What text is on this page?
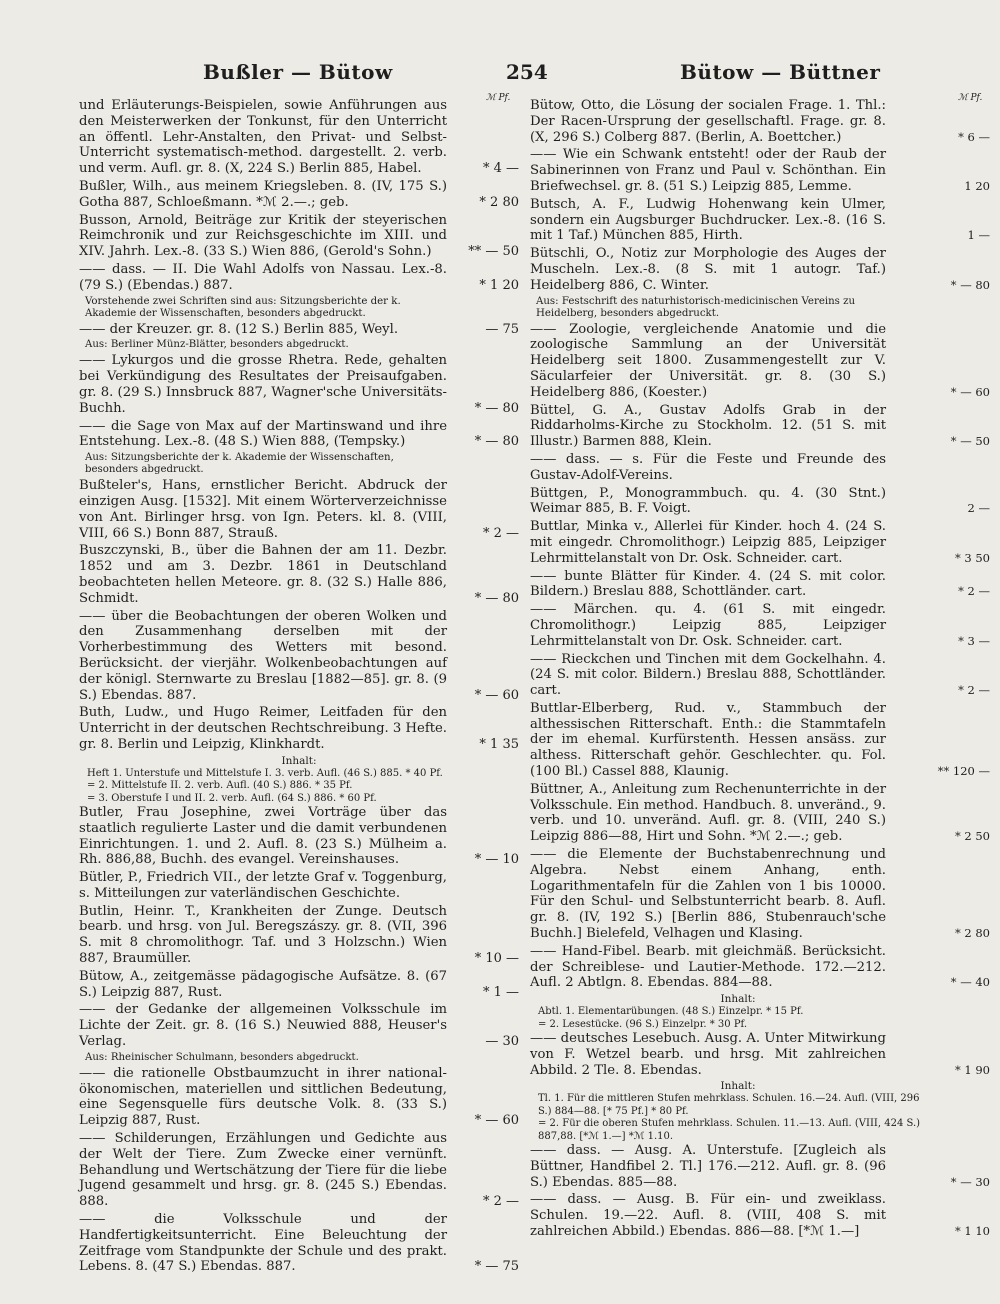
Bußler — Bütow	254	Bütow — Büttner
ℳ Pf.	ℳ Pf.
und Erläuterungs-Beispielen, sowie Anführungen aus den Meisterwerken der Tonkunst, für den Unterricht an öffentl. Lehr-Anstalten, den Privat- und Selbst-Unterricht systematisch-method. dargestellt. 2. verb. und verm. Aufl. gr. 8. (X, 224 S.) Berlin 885, Habel.	* 4 —
Bußler, Wilh., aus meinem Kriegsleben. 8. (IV, 175 S.) Gotha 887, Schloeßmann. *ℳ 2.—.; geb.	* 2 80
Busson, Arnold, Beiträge zur Kritik der steyerischen Reimchronik und zur Reichsgeschichte im XIII. und XIV. Jahrh. Lex.-8. (33 S.) Wien 886, (Gerold's Sohn.)	** — 50
—— dass. — II. Die Wahl Adolfs von Nassau. Lex.-8. (79 S.) (Ebendas.) 887.	* 1 20
Vorstehende zwei Schriften sind aus: Sitzungsberichte der k. Akademie der Wissenschaften, besonders abgedruckt.
—— der Kreuzer. gr. 8. (12 S.) Berlin 885, Weyl.	— 75
Aus: Berliner Münz-Blätter, besonders abgedruckt.
—— Lykurgos und die grosse Rhetra. Rede, gehalten bei Verkündigung des Resultates der Preisaufgaben. gr. 8. (29 S.) Innsbruck 887, Wagner'sche Universitäts-Buchh.	* — 80
—— die Sage von Max auf der Martinswand und ihre Entstehung. Lex.-8. (48 S.) Wien 888, (Tempsky.)	* — 80
Aus: Sitzungsberichte der k. Akademie der Wissenschaften, besonders abgedruckt.
Bußteler's, Hans, ernstlicher Bericht. Abdruck der einzigen Ausg. [1532]. Mit einem Wörterverzeichnisse von Ant. Birlinger hrsg. von Ign. Peters. kl. 8. (VIII, VIII, 66 S.) Bonn 887, Strauß.	* 2 —
Buszczynski, B., über die Bahnen der am 11. Dezbr. 1852 und am 3. Dezbr. 1861 in Deutschland beobachteten hellen Meteore. gr. 8. (32 S.) Halle 886, Schmidt.	* — 80
—— über die Beobachtungen der oberen Wolken und den Zusammenhang derselben mit der Vorherbestimmung des Wetters mit besond. Berücksicht. der vierjähr. Wolkenbeobachtungen auf der königl. Sternwarte zu Breslau [1882—85]. gr. 8. (9 S.) Ebendas. 887.	* — 60
Buth, Ludw., und Hugo Reimer, Leitfaden für den Unterricht in der deutschen Rechtschreibung. 3 Hefte. gr. 8. Berlin und Leipzig, Klinkhardt.	* 1 35
Inhalt:
Heft 1. Unterstufe und Mittelstufe I. 3. verb. Aufl. (46 S.) 885. * 40 Pf.
= 2. Mittelstufe II. 2. verb. Aufl. (40 S.) 886. * 35 Pf.
= 3. Oberstufe I und II. 2. verb. Aufl. (64 S.) 886. * 60 Pf.
Butler, Frau Josephine, zwei Vorträge über das staatlich regulierte Laster und die damit verbundenen Einrichtungen. 1. und 2. Aufl. 8. (23 S.) Mülheim a. Rh. 886,88, Buchh. des evangel. Vereinshauses.	* — 10
Bütler, P., Friedrich VII., der letzte Graf v. Toggenburg, s. Mitteilungen zur vaterländischen Geschichte.
Butlin, Heinr. T., Krankheiten der Zunge. Deutsch bearb. und hrsg. von Jul. Beregszászy. gr. 8. (VII, 396 S. mit 8 chromolithogr. Taf. und 3 Holzschn.) Wien 887, Braumüller.	* 10 —
Bütow, A., zeitgemässe pädagogische Aufsätze. 8. (67 S.) Leipzig 887, Rust.	* 1 —
—— der Gedanke der allgemeinen Volksschule im Lichte der Zeit. gr. 8. (16 S.) Neuwied 888, Heuser's Verlag.	— 30
Aus: Rheinischer Schulmann, besonders abgedruckt.
—— die rationelle Obstbaumzucht in ihrer national-ökonomischen, materiellen und sittlichen Bedeutung, eine Segensquelle fürs deutsche Volk. 8. (33 S.) Leipzig 887, Rust.	* — 60
—— Schilderungen, Erzählungen und Gedichte aus der Welt der Tiere. Zum Zwecke einer vernünft. Behandlung und Wertschätzung der Tiere für die liebe Jugend gesammelt und hrsg. gr. 8. (245 S.) Ebendas. 888.	* 2 —
—— die Volksschule und der Handfertigkeitsunterricht. Eine Beleuchtung der Zeitfrage vom Standpunkte der Schule und des prakt. Lebens. 8. (47 S.) Ebendas. 887.	* — 75
Bütow, Otto, die Lösung der socialen Frage. 1. Thl.: Der Racen-Ursprung der gesellschaftl. Frage. gr. 8. (X, 296 S.) Colberg 887. (Berlin, A. Boettcher.)	* 6 —
—— Wie ein Schwank entsteht! oder der Raub der Sabinerinnen von Franz und Paul v. Schönthan. Ein Briefwechsel. gr. 8. (51 S.) Leipzig 885, Lemme.	1 20
Butsch, A. F., Ludwig Hohenwang kein Ulmer, sondern ein Augsburger Buchdrucker. Lex.-8. (16 S. mit 1 Taf.) München 885, Hirth.	1 —
Bütschli, O., Notiz zur Morphologie des Auges der Muscheln. Lex.-8. (8 S. mit 1 autogr. Taf.) Heidelberg 886, C. Winter.	* — 80
Aus: Festschrift des naturhistorisch-medicinischen Vereins zu Heidelberg, besonders abgedruckt.
—— Zoologie, vergleichende Anatomie und die zoologische Sammlung an der Universität Heidelberg seit 1800. Zusammengestellt zur V. Säcularfeier der Universität. gr. 8. (30 S.) Heidelberg 886, (Koester.)	* — 60
Büttel, G. A., Gustav Adolfs Grab in der Riddarholms-Kirche zu Stockholm. 12. (51 S. mit Illustr.) Barmen 888, Klein.	* — 50
—— dass. — s. Für die Feste und Freunde des Gustav-Adolf-Vereins.
Büttgen, P., Monogrammbuch. qu. 4. (30 Stnt.) Weimar 885, B. F. Voigt.	2 —
Buttlar, Minka v., Allerlei für Kinder. hoch 4. (24 S. mit eingedr. Chromolithogr.) Leipzig 885, Leipziger Lehrmittelanstalt von Dr. Osk. Schneider. cart.	* 3 50
—— bunte Blätter für Kinder. 4. (24 S. mit color. Bildern.) Breslau 888, Schottländer. cart.	* 2 —
—— Märchen. qu. 4. (61 S. mit eingedr. Chromolithogr.) Leipzig 885, Leipziger Lehrmittelanstalt von Dr. Osk. Schneider. cart.	* 3 —
—— Rieckchen und Tinchen mit dem Gockelhahn. 4. (24 S. mit color. Bildern.) Breslau 888, Schottländer. cart.	* 2 —
Buttlar-Elberberg, Rud. v., Stammbuch der althessischen Ritterschaft. Enth.: die Stammtafeln der im ehemal. Kurfürstenth. Hessen ansäss. zur althess. Ritterschaft gehör. Geschlechter. qu. Fol. (100 Bl.) Cassel 888, Klaunig.	** 120 —
Büttner, A., Anleitung zum Rechenunterrichte in der Volksschule. Ein method. Handbuch. 8. unveränd., 9. verb. und 10. unveränd. Aufl. gr. 8. (VIII, 240 S.) Leipzig 886—88, Hirt und Sohn. *ℳ 2.—.; geb.	* 2 50
—— die Elemente der Buchstabenrechnung und Algebra. Nebst einem Anhang, enth. Logarithmentafeln für die Zahlen von 1 bis 10000. Für den Schul- und Selbstunterricht bearb. 8. Aufl. gr. 8. (IV, 192 S.) [Berlin 886, Stubenrauch'sche Buchh.] Bielefeld, Velhagen und Klasing.	* 2 80
—— Hand-Fibel. Bearb. mit gleichmäß. Berücksicht. der Schreiblese- und Lautier-Methode. 172.—212. Aufl. 2 Abtlgn. 8. Ebendas. 884—88.	* — 40
Inhalt:
Abtl. 1. Elementarübungen. (48 S.) Einzelpr. * 15 Pf.
= 2. Lesestücke. (96 S.) Einzelpr. * 30 Pf.
—— deutsches Lesebuch. Ausg. A. Unter Mitwirkung von F. Wetzel bearb. und hrsg. Mit zahlreichen Abbild. 2 Tle. 8. Ebendas.	* 1 90
Inhalt:
Tl. 1. Für die mittleren Stufen mehrklass. Schulen. 16.—24. Aufl. (VIII, 296 S.) 884—88. [* 75 Pf.] * 80 Pf.
= 2. Für die oberen Stufen mehrklass. Schulen. 11.—13. Aufl. (VIII, 424 S.) 887,88. [*ℳ 1.—] *ℳ 1.10.
—— dass. — Ausg. A. Unterstufe. [Zugleich als Büttner, Handfibel 2. Tl.] 176.—212. Aufl. gr. 8. (96 S.) Ebendas. 885—88.	* — 30
—— dass. — Ausg. B. Für ein- und zweiklass. Schulen. 19.—22. Aufl. 8. (VIII, 408 S. mit zahlreichen Abbild.) Ebendas. 886—88. [*ℳ 1.—]	* 1 10
